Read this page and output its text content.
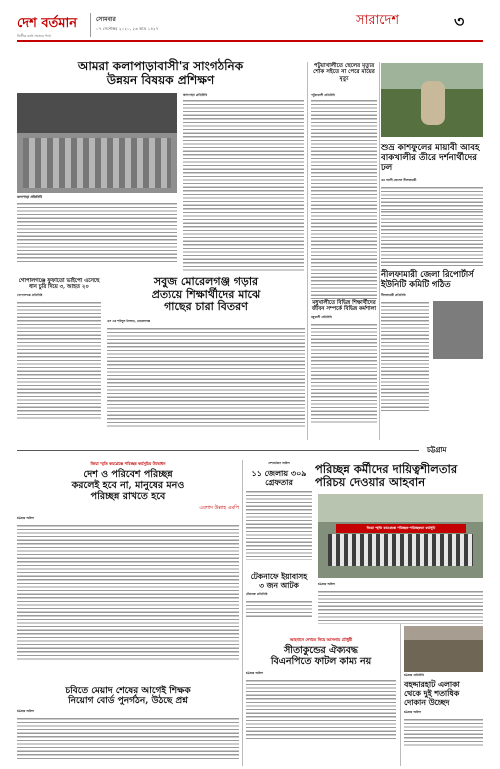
দেশ বর্তমান
নির্ভীক কন্ঠে সত্যের পথে
সোমবার
০৭ সেপ্টেম্বর ২০২০, ২৩ ভাদ্র ১৪২৭
সারাদেশ	৩
আমরা কলাপাড়াবাসী'র সাংগঠনিক
উন্নয়ন বিষয়ক প্রশিক্ষণ
কলাপাড়া প্রতিনিধি
কলাপাড়া প্রতিনিধি
পটুয়াখালীতে ছেলের মৃত্যুর শোক সইতে না পেরে মায়ের মৃত্যু
পটুয়াখালী প্রতিনিধি
শুভ্র কাশফুলের মায়াবী আবহ
বাকখালীর তীরে দর্শনার্থীদের ঢল
এম আলী হোসেন নীলফামারী
গোপালগঞ্জে ফুফাতো ভাইপো এসেছে ধান চুরি দিয়ে ৩, আহত ২০
গোপালগঞ্জ প্রতিনিধি
সবুজ মোরেলগঞ্জ গড়ার
প্রত্যয়ে শিক্ষার্থীদের মাঝে
গাছের চারা বিতরণ
এস এম শহিদুল ইসলাম, মোরেলগঞ্জ
মধুখালীতে বিভিন্ন শিক্ষার্থীদের জীবন সম্পর্কে বিভিন্ন কর্মশালা
মধুখালী প্রতিনিধি
নীলফামারী জেলা রিপোর্টার্স
ইউনিটি কমিটি গঠিত
নীলফামারী প্রতিনিধি
চট্টগ্রাম
জিয়া স্মৃতি কমপ্লেক্সে পরিচ্ছন্ন কর্মসূচির উদ্বোধন
দেশ ও পরিবেশ পরিচ্ছন্ন
করলেই হবে না, মানুষের মনও
পরিচ্ছন্ন রাখতে হবে
এরশাদ উল্লাহ এমপি
চট্টগ্রাম অফিস
দেশবর্তমান অফিস
১১ জেলায় ৩০৯
গ্রেফতার
পরিচ্ছন্ন কর্মীদের দায়িত্বশীলতার
পরিচয় দেওয়ার আহবান
জিয়া স্মৃতি কমপ্লেক্সে পরিচ্ছন্ন-পরিচ্ছন্নতা কর্মসূচি
চট্টগ্রাম অফিস
চবিতে মেয়াদ শেষের আগেই শিক্ষক
নিয়োগ বোর্ড পুনর্গঠন, উঠছে প্রশ্ন
চট্টগ্রাম অফিস
টেকনাফে ইয়াবাসহ
৩ জন আটক
টেকনাফ প্রতিনিধি
আহবানে দেখতে নিয়ে আসলাম চৌধুরী
সীতাকুন্ডের ঐক্যবদ্ধ
বিএনপিতে ফাটল কাম্য নয়
চট্টগ্রাম অফিস
চট্টগ্রাম প্রতিনিধি
বহদ্দারহাট এলাকা
থেকে দুই শতাধিক
দোকান উচ্ছেদ
চট্টগ্রাম অফিস
